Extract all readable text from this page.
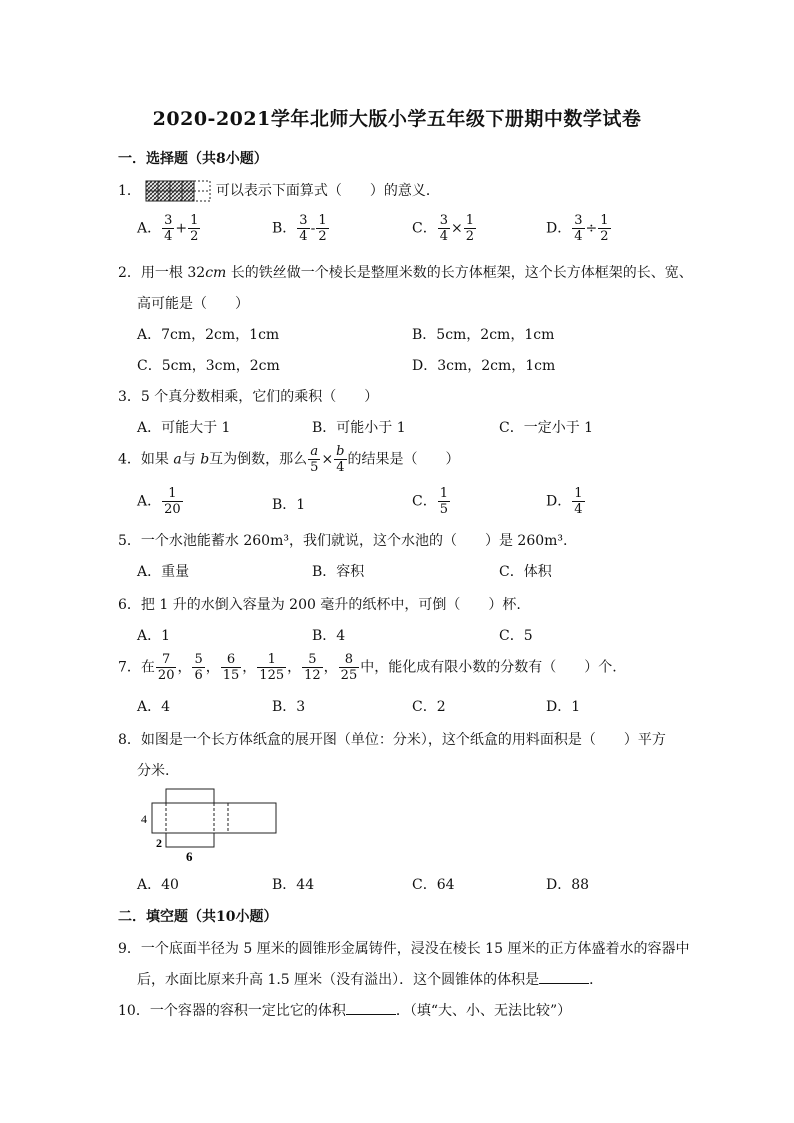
2020-2021学年北师大版小学五年级下册期中数学试卷
一．选择题（共8小题）
1．	可以表示下面算式（　　）的意义．
A． $\frac{3}{4} + \frac{1}{2}$	B． $\frac{3}{4} - \frac{1}{2}$	C． $\frac{3}{4} \times \frac{1}{2}$	D． $\frac{3}{4} \div \frac{1}{2}$
2．用一根 32cm 长的铁丝做一个棱长是整厘米数的长方体框架，这个长方体框架的长、宽、
高可能是（　　）
A．7cm，2cm，1cm	B．5cm，2cm，1cm
C．5cm，3cm，2cm	D．3cm，2cm，1cm
3．5 个真分数相乘，它们的乘积（　　）
A．可能大于 1	B．可能小于 1	C．一定小于 1
4．如果 a与 b互为倒数，那么 $\frac{a}{5} \times \frac{b}{4}$ 的结果是（　　）
A． $\frac{1}{20}$	B．1	C． $\frac{1}{5}$	D． $\frac{1}{4}$
5．一个水池能蓄水 260m³，我们就说，这个水池的（　　）是 260m³.
A．重量	B．容积	C．体积
6．把 1 升的水倒入容量为 200 毫升的纸杯中，可倒（　　）杯.
A．1	B．4	C．5
7．在 $\frac{7}{20}$ ， $\frac{5}{6}$ ， $\frac{6}{15}$ ， $\frac{1}{125}$ ， $\frac{5}{12}$ ， $\frac{8}{25}$ 中，能化成有限小数的分数有（　　）个.
A．4	B．3	C．2	D．1
8．如图是一个长方体纸盒的展开图（单位：分米），这个纸盒的用料面积是（　　）平方
分米.
4
2
6
A．40	B．44	C．64	D．88
二．填空题（共10小题）
9．一个底面半径为 5 厘米的圆锥形金属铸件，浸没在棱长 15 厘米的正方体盛着水的容器中
后，水面比原来升高 1.5 厘米（没有溢出）．这个圆锥体的体积是	．
10．一个容器的容积一定比它的体积	．（填“大、小、无法比较”）
